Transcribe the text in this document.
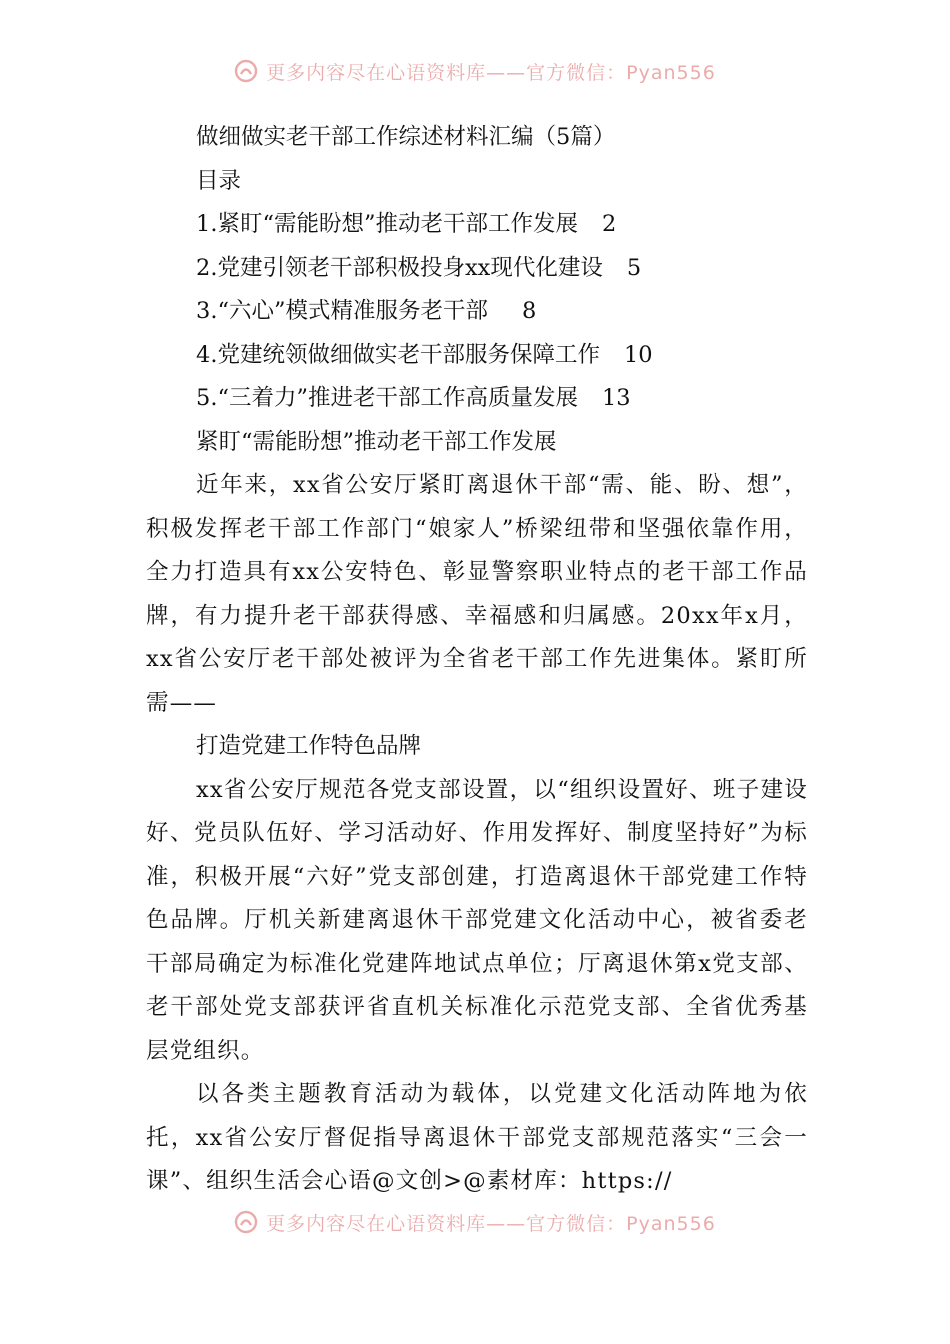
更多内容尽在心语资料库——官方微信：Pyan556
做细做实老干部工作综述材料汇编（5篇）
目录
1.紧盯“需能盼想”推动老干部工作发展 2
2.党建引领老干部积极投身xx现代化建设 5
3.“六心”模式精准服务老干部 8
4.党建统领做细做实老干部服务保障工作 10
5.“三着力”推进老干部工作高质量发展 13
紧盯“需能盼想”推动老干部工作发展

近年来，xx省公安厅紧盯离退休干部“需、能、盼、想”，积极发挥老干部工作部门“娘家人”桥梁纽带和坚强依靠作用，全力打造具有xx公安特色、彰显警察职业特点的老干部工作品牌，有力提升老干部获得感、幸福感和归属感。20xx年x月，xx省公安厅老干部处被评为全省老干部工作先进集体。紧盯所需——

打造党建工作特色品牌

xx省公安厅规范各党支部设置，以“组织设置好、班子建设好、党员队伍好、学习活动好、作用发挥好、制度坚持好”为标准，积极开展“六好”党支部创建，打造离退休干部党建工作特色品牌。厅机关新建离退休干部党建文化活动中心，被省委老干部局确定为标准化党建阵地试点单位；厅离退休第x党支部、老干部处党支部获评省直机关标准化示范党支部、全省优秀基层党组织。

以各类主题教育活动为载体，以党建文化活动阵地为依托，xx省公安厅督促指导离退休干部党支部规范落实“三会一课”、组织生活会心语@文创>@素材库：https://

更多内容尽在心语资料库——官方微信：Pyan556
